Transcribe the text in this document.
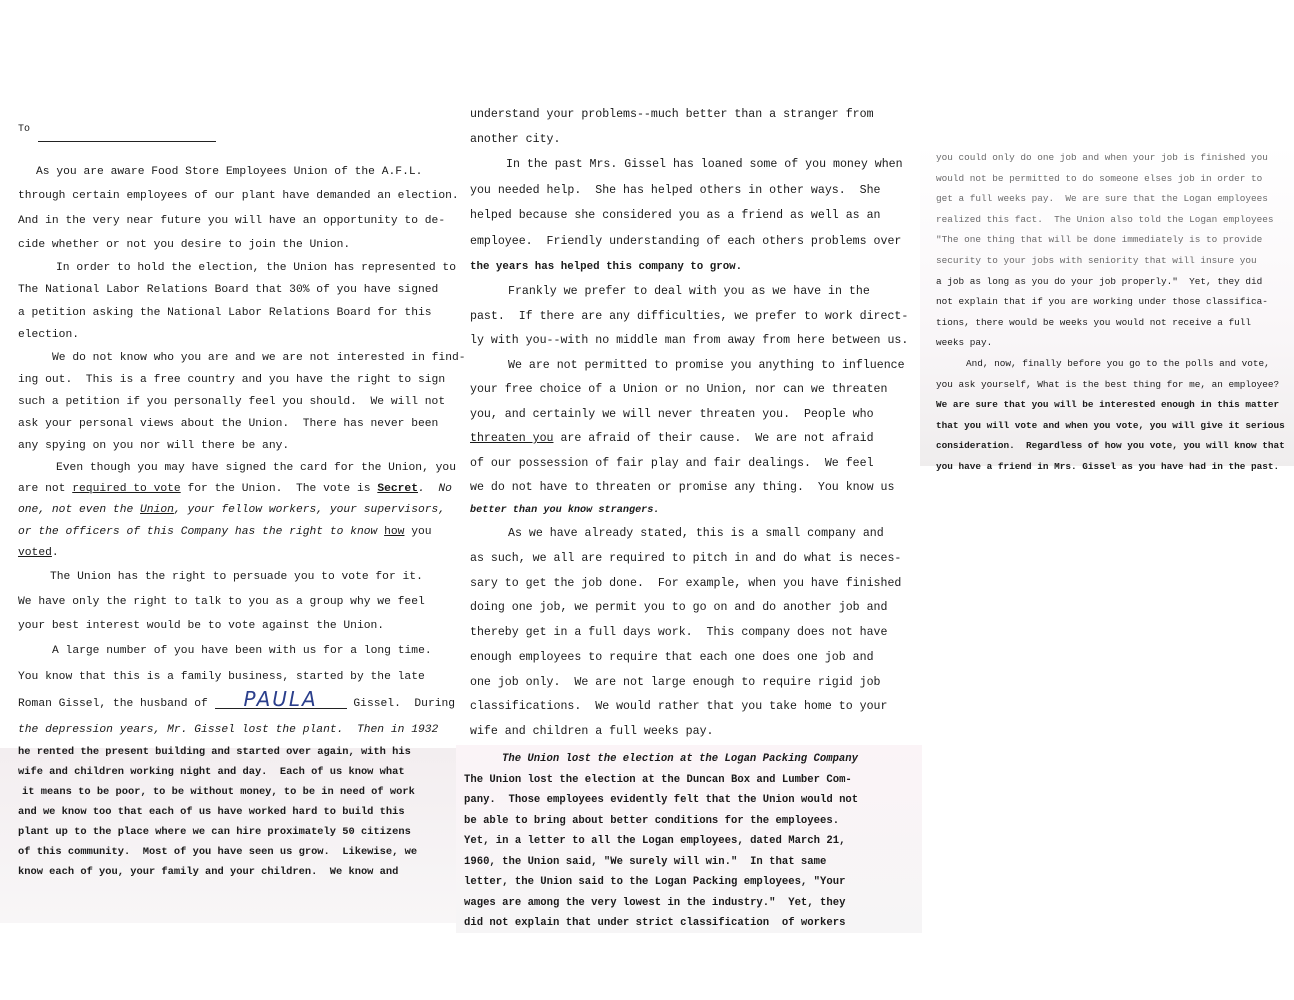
To

As you are aware Food Store Employees Union of the A.F.L.
through certain employees of our plant have demanded an election.
And in the very near future you will have an opportunity to de-
cide whether or not you desire to join the Union.

In order to hold the election, the Union has represented to
The National Labor Relations Board that 30% of you have signed
a petition asking the National Labor Relations Board for this
election.

We do not know who you are and we are not interested in find-
ing out.  This is a free country and you have the right to sign
such a petition if you personally feel you should.  We will not
ask your personal views about the Union.  There has never been
any spying on you nor will there be any.

Even though you may have signed the card for the Union, you
are not required to vote for the Union.  The vote is Secret.  No
one, not even the Union, your fellow workers, your supervisors,
or the officers of this Company has the right to know how you
voted.

The Union has the right to persuade you to vote for it.
We have only the right to talk to you as a group why we feel
your best interest would be to vote against the Union.

A large number of you have been with us for a long time.
You know that this is a family business, started by the late
Roman Gissel, the husband of PAULA	Gissel.  During
the depression years, Mr. Gissel lost the plant.  Then in 1932

he rented the present building and started over again, with his
wife and children working night and day.  Each of us know what
it means to be poor, to be without money, to be in need of work
and we know too that each of us have worked hard to build this
plant up to the place where we can hire proximately 50 citizens
of this community.  Most of you have seen us grow.  Likewise, we
know each of you, your family and your children.  We know and

understand your problems--much better than a stranger from
another city.

In the past Mrs. Gissel has loaned some of you money when
you needed help.  She has helped others in other ways.  She
helped because she considered you as a friend as well as an
employee.  Friendly understanding of each others problems over
the years has helped this company to grow.

Frankly we prefer to deal with you as we have in the
past.  If there are any difficulties, we prefer to work direct-
ly with you--with no middle man from away from here between us.

We are not permitted to promise you anything to influence
your free choice of a Union or no Union, nor can we threaten
you, and certainly we will never threaten you.  People who
threaten you are afraid of their cause.  We are not afraid
of our possession of fair play and fair dealings.  We feel
we do not have to threaten or promise any thing.  You know us
better than you know strangers.

As we have already stated, this is a small company and
as such, we all are required to pitch in and do what is neces-
sary to get the job done.  For example, when you have finished
doing one job, we permit you to go on and do another job and
thereby get in a full days work.  This company does not have
enough employees to require that each one does one job and
one job only.  We are not large enough to require rigid job
classifications.  We would rather that you take home to your
wife and children a full weeks pay.

The Union lost the election at the Logan Packing Company
The Union lost the election at the Duncan Box and Lumber Com-
pany.  Those employees evidently felt that the Union would not
be able to bring about better conditions for the employees.
Yet, in a letter to all the Logan employees, dated March 21,
1960, the Union said, "We surely will win."  In that same
letter, the Union said to the Logan Packing employees, "Your
wages are among the very lowest in the industry."  Yet, they
did not explain that under strict classification  of workers

you could only do one job and when your job is finished you
would not be permitted to do someone elses job in order to
get a full weeks pay.  We are sure that the Logan employees
realized this fact.  The Union also told the Logan employees
"The one thing that will be done immediately is to provide
security to your jobs with seniority that will insure you
a job as long as you do your job properly."  Yet, they did
not explain that if you are working under those classifica-
tions, there would be weeks you would not receive a full
weeks pay.

And, now, finally before you go to the polls and vote,
you ask yourself, What is the best thing for me, an employee?
We are sure that you will be interested enough in this matter
that you will vote and when you vote, you will give it serious
consideration.  Regardless of how you vote, you will know that
you have a friend in Mrs. Gissel as you have had in the past.
